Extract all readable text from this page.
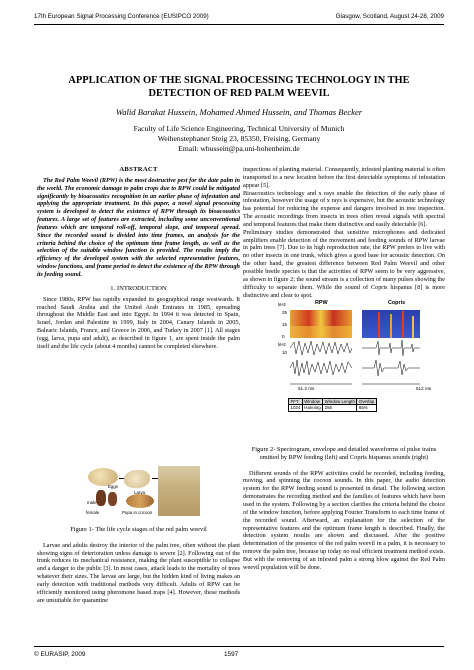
17th European Signal Processing Conference (EUSIPCO 2009)	Glasgow, Scotland, August 24-28, 2009
APPLICATION OF THE SIGNAL PROCESSING TECHNOLOGY IN THE
DETECTION OF RED PALM WEEVIL
Walid Barakat Hussein, Mohamed Ahmed Hussein, and Thomas Becker
Faculty of Life Science Engineering, Technical University of Munich
Weihenstephaner Steig 23, 85350, Freising, Germany
Email: whussein@pa.uni-hohenheim.de
ABSTRACT
The Red Palm Weevil (RPW) is the most destructive pest for the date palm in the world. The economic damage to palm crops due to RPW could be mitigated significantly by bioacoustics recognition in an earlier phase of infestation and applying the appropriate treatment. In this paper, a novel signal processing system is developed to detect the existence of RPW through its bioacoustics features. A large set of features are extracted, including some unconventional features which are temporal roll-off, temporal slope, and temporal spread. Since the recorded sound is divided into time frames, an analysis for the criteria behind the choice of the optimum time frame length, as well as the selection of the suitable window function is provided. The results imply the efficiency of the developed system with the selected representative features, window functions, and frame period to detect the existence of the RPW through its feeding sound.
1. INTRODUCTION
Since 1980s, RPW has rapidly expanded its geographical range westwards. It reached Saudi Arabia and the United Arab Emirates in 1985, spreading throughout the Middle East and into Egypt. In 1994 it was detected in Spain, Israel, Jordan and Palestine in 1999, Italy in 2004, Canary Islands in 2005, Balearic Islands, France, and Greece in 2006, and Turkey in 2007 [1]. All stages (egg, larva, pupa and adult), as described in figure 1, are spent inside the palm itself and the life cycle (about 4 months) cannot be completed elsewhere.
Eggs
Larva
male
female	Pupa in cocoon
Figure 1- The life cycle stages of the red palm weevil
Larvae and adults destroy the interior of the palm tree, often without the plant showing signs of deterioration unless damage is severe [2]. Following out of the trunk reduces its mechanical resistance, making the plant susceptible to collapse and a danger to the public [3]. In most cases, attack leads to the mortality of trees whatever their sizes. The larvae are large, but the hidden kind of living makes an early detection with traditional methods very difficult. Adults of RPW can be efficiently monitored using pheromone based traps [4]. However, these methods are unsuitable for quarantine
inspections of planting material. Consequently, infested planting material is often transported to a new location before the first detectable symptoms of infestation appear [5].
Bioacoustics technology and x rays enable the detection of the early phase of infestation, however the usage of x rays is expensive, but the acoustic technology has potential for reducing the expense and dangers involved in tree inspection. The acoustic recordings from insects in trees often reveal signals with spectral and temporal features that make them distinctive and easily detectable [6].
Preliminary studies demonstrated that sensitive microphones and dedicated amplifiers enable detection of the movement and feeding sounds of RPW larvae in palm trees [7]. Due to its high reproduction rate, the RPW prefers to live with no other insects in one trunk, which gives a good base for acoustic detection. On the other hand, the greatest difference between Red Palm Weevil and other possible beetle species is that the activities of RPW seem to be very aggressive, as shown in figure 2; the sound stream is a collection of many pulses showing the difficulty to separate them. While the sound of Copris hispanus [8] is more distinctive and clear to spot.
kHz	RPW	Copris
25
15
0
kHz
10
51.2 ms	512 ms
FFT	Window	Window Length	Overlap
1024	Hanning	256	85%
Figure 2- Spectrogram, envelope and detailed waveforms of pulse trains emitted by RPW feeding (left) and Copris hispanus sounds (right)
Different sounds of the RPW activities could be recorded, including feeding, moving, and spinning the cocoon sounds. In this paper, the audio detection system for the RPW feeding sound is presented in detail. The following section demonstrates the recording method and the families of features which have been used in the system. Following by a section clarifies the criteria behind the choice of the window function, before applying Fourier Transform to each time frame of the recorded sound. Afterward, an explanation for the selection of the representative features and the optimum frame length is described. Finally, the detection system results are shown and discussed. After the positive determination of the presence of the red palm weevil in a palm, it is necessary to remove the palm tree, because up today no real efficient treatment method exists. But with the removing of an infested palm a strong blow against the Red Palm weevil population will be done.
© EURASIP, 2009	1597
